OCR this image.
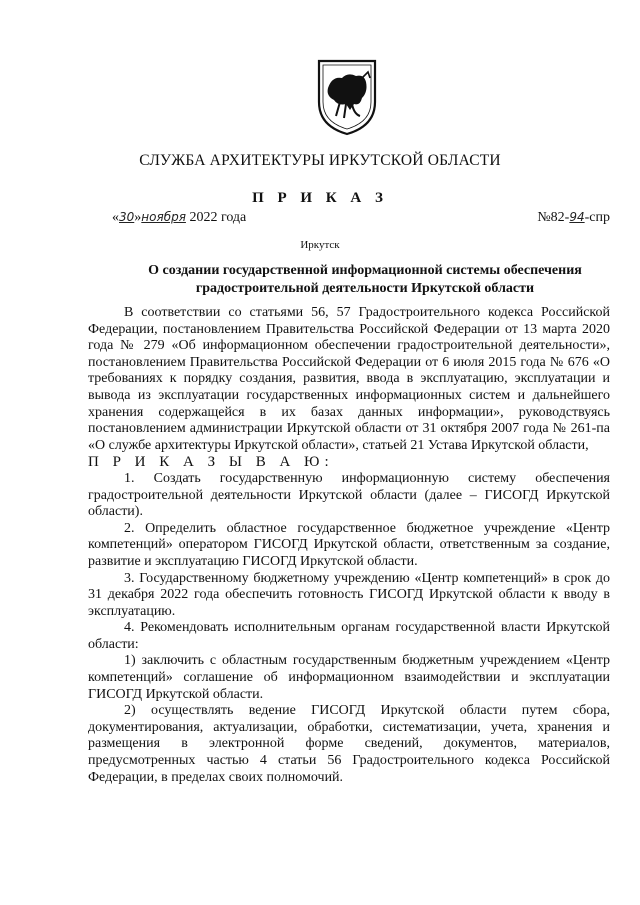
СЛУЖБА АРХИТЕКТУРЫ ИРКУТСКОЙ ОБЛАСТИ
П Р И К А З
«30»ноября 2022 года	№82-94-спр
Иркутск
О создании государственной информационной системы обеспечения градостроительной деятельности Иркутской области

В соответствии со статьями 56, 57 Градостроительного кодекса Российской Федерации, постановлением Правительства Российской Федерации от 13 марта 2020 года № 279 «Об информационном обеспечении градостроительной деятельности», постановлением Правительства Российской Федерации от 6 июля 2015 года № 676 «О требованиях к порядку создания, развития, ввода в эксплуатацию, эксплуатации и вывода из эксплуатации государственных информационных систем и дальнейшего хранения содержащейся в их базах данных информации», руководствуясь постановлением администрации Иркутской области от 31 октября 2007 года № 261-па «О службе архитектуры Иркутской области», статьей 21 Устава Иркутской области,

П Р И К А З Ы В А Ю:

1. Создать государственную информационную систему обеспечения градостроительной деятельности Иркутской области (далее – ГИСОГД Иркутской области).

2. Определить областное государственное бюджетное учреждение «Центр компетенций» оператором ГИСОГД Иркутской области, ответственным за создание, развитие и эксплуатацию ГИСОГД Иркутской области.

3. Государственному бюджетному учреждению «Центр компетенций» в срок до 31 декабря 2022 года обеспечить готовность ГИСОГД Иркутской области к вводу в эксплуатацию.

4. Рекомендовать исполнительным органам государственной власти Иркутской области:

1) заключить с областным государственным бюджетным учреждением «Центр компетенций» соглашение об информационном взаимодействии и эксплуатации ГИСОГД Иркутской области.

2) осуществлять ведение ГИСОГД Иркутской области путем сбора, документирования, актуализации, обработки, систематизации, учета, хранения и размещения в электронной форме сведений, документов, материалов, предусмотренных частью 4 статьи 56 Градостроительного кодекса Российской Федерации, в пределах своих полномочий.
